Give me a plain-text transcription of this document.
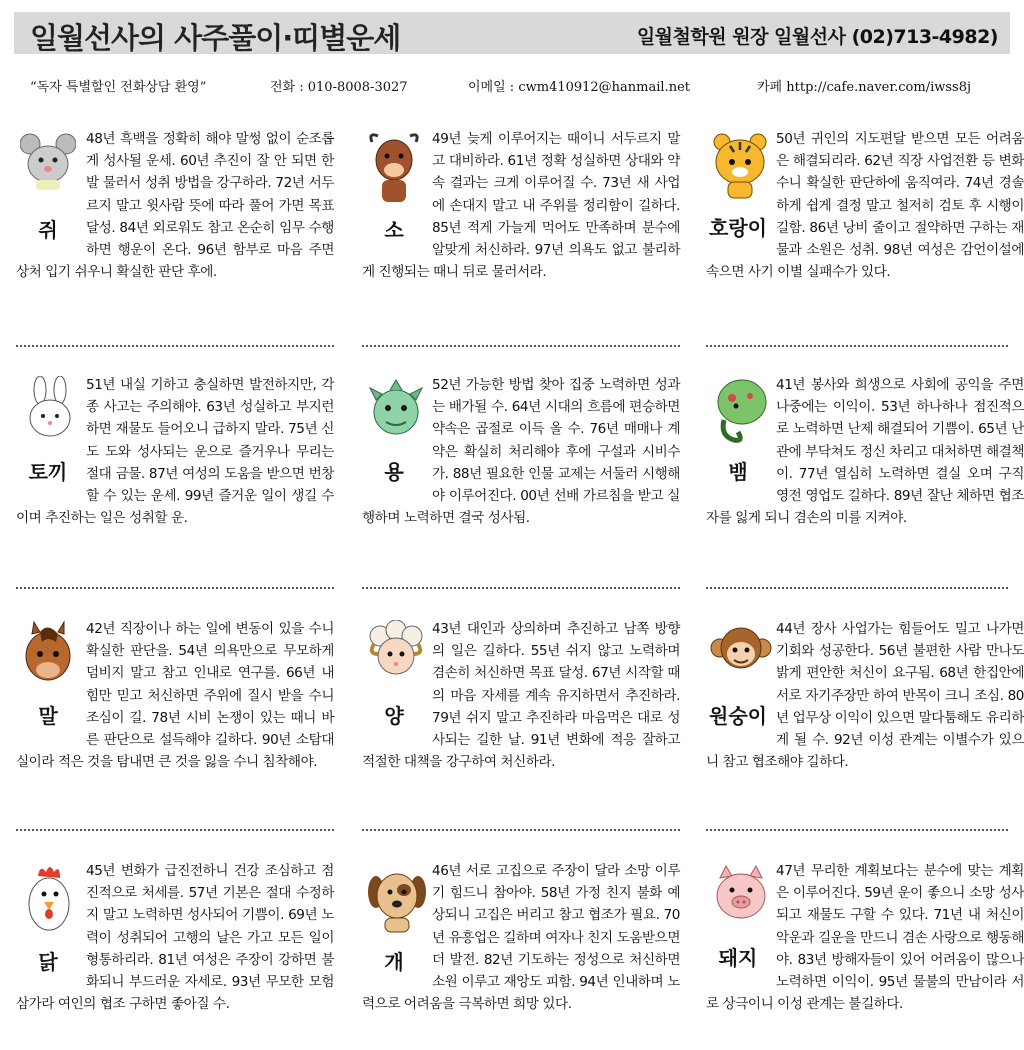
일월선사의 사주풀이·띠별운세	일월철학원 원장 일월선사 (02)713-4982)
“독자 특별할인 전화상담 환영”	전화 : 010-8008-3027	이메일 : cwm410912@hanmail.net	카페 http://cafe.naver.com/iwss8j
쥐

48년 흑백을 정확히 해야 말썽 없이 순조롭게 성사될 운세. 60년 추진이 잘 안 되면 한발 물러서 성취 방법을 강구하라. 72년 서두르지 말고 윗사람 뜻에 따라 풀어 가면 목표 달성. 84년 외로워도 참고 온순히 임무 수행하면 행운이 온다. 96년 함부로 마음 주면 상처 입기 쉬우니 확실한 판단 후에.

소

49년 늦게 이루어지는 때이니 서두르지 말고 대비하라. 61년 정확 성실하면 상대와 약속 결과는 크게 이루어질 수. 73년 새 사업에 손대지 말고 내 주위를 정리함이 길하다. 85년 적게 가늘게 먹어도 만족하며 분수에 알맞게 처신하라. 97년 의욕도 없고 불리하게 진행되는 때니 뒤로 물러서라.

호랑이

50년 귀인의 지도편달 받으면 모든 어려움은 해결되리라. 62년 직장 사업전환 등 변화수니 확실한 판단하에 움직여라. 74년 경솔하게 쉽게 결정 말고 철저히 검토 후 시행이 길함. 86년 낭비 줄이고 절약하면 구하는 재물과 소원은 성취. 98년 여성은 감언이설에 속으면 사기 이별 실패수가 있다.

토끼

51년 내실 기하고 충실하면 발전하지만, 각종 사고는 주의해야. 63년 성실하고 부지런하면 재물도 들어오니 급하지 말라. 75년 신도 도와 성사되는 운으로 즐거우나 무리는 절대 금물. 87년 여성의 도움을 받으면 번창할 수 있는 운세. 99년 즐거운 일이 생길 수이며 추진하는 일은 성취할 운.

용

52년 가능한 방법 찾아 집중 노력하면 성과는 배가될 수. 64년 시대의 흐름에 편승하면 약속은 곱절로 이득 올 수. 76년 매매나 계약은 확실히 처리해야 후에 구설과 시비수가. 88년 필요한 인물 교제는 서둘러 시행해야 이루어진다. 00년 선배 가르침을 받고 실행하며 노력하면 결국 성사됨.

뱀

41년 봉사와 희생으로 사회에 공익을 주면 나중에는 이익이. 53년 하나하나 점진적으로 노력하면 난제 해결되어 기쁨이. 65년 난관에 부닥쳐도 정신 차리고 대처하면 해결책이. 77년 열심히 노력하면 결실 오며 구직 영전 영업도 길하다. 89년 잘난 체하면 협조자를 잃게 되니 겸손의 미를 지켜야.

말

42년 직장이나 하는 일에 변동이 있을 수니 확실한 판단을. 54년 의욕만으로 무모하게 덤비지 말고 참고 인내로 연구를. 66년 내 힘만 믿고 처신하면 주위에 질시 받을 수니 조심이 길. 78년 시비 논쟁이 있는 때니 바른 판단으로 설득해야 길하다. 90년 소탐대실이라 적은 것을 탐내면 큰 것을 잃을 수니 침착해야.

양

43년 대인과 상의하며 추진하고 남쪽 방향의 일은 길하다. 55년 쉬지 않고 노력하며 겸손히 처신하면 목표 달성. 67년 시작할 때의 마음 자세를 계속 유지하면서 추진하라. 79년 쉬지 말고 추진하라 마음먹은 대로 성사되는 길한 날. 91년 변화에 적응 잘하고 적절한 대책을 강구하여 처신하라.

원숭이

44년 장사 사업가는 힘들어도 밀고 나가면 기회와 성공한다. 56년 불편한 사람 만나도 밝게 편안한 처신이 요구됨. 68년 한집안에 서로 자기주장만 하여 반목이 크니 조심. 80년 업무상 이익이 있으면 말다툼해도 유리하게 될 수. 92년 이성 관계는 이별수가 있으니 참고 협조해야 길하다.

닭

45년 변화가 급진전하니 건강 조심하고 점진적으로 처세를. 57년 기본은 절대 수정하지 말고 노력하면 성사되어 기쁨이. 69년 노력이 성취되어 고행의 날은 가고 모든 일이 형통하리라. 81년 여성은 주장이 강하면 불화되니 부드러운 자세로. 93년 무모한 모험 삼가라 여인의 협조 구하면 좋아질 수.

개

46년 서로 고집으로 주장이 달라 소망 이루기 힘드니 참아야. 58년 가정 친지 불화 예상되니 고집은 버리고 참고 협조가 필요. 70년 유흥업은 길하며 여자나 친지 도움받으면 더 발전. 82년 기도하는 정성으로 처신하면 소원 이루고 재앙도 피함. 94년 인내하며 노력으로 어려움을 극복하면 희망 있다.

돼지

47년 무리한 계획보다는 분수에 맞는 계획은 이루어진다. 59년 운이 좋으니 소망 성사되고 재물도 구할 수 있다. 71년 내 처신이 악운과 길운을 만드니 겸손 사랑으로 행동해야. 83년 방해자들이 있어 어려움이 많으나 노력하면 이익이. 95년 물불의 만남이라 서로 상극이니 이성 관계는 불길하다.
